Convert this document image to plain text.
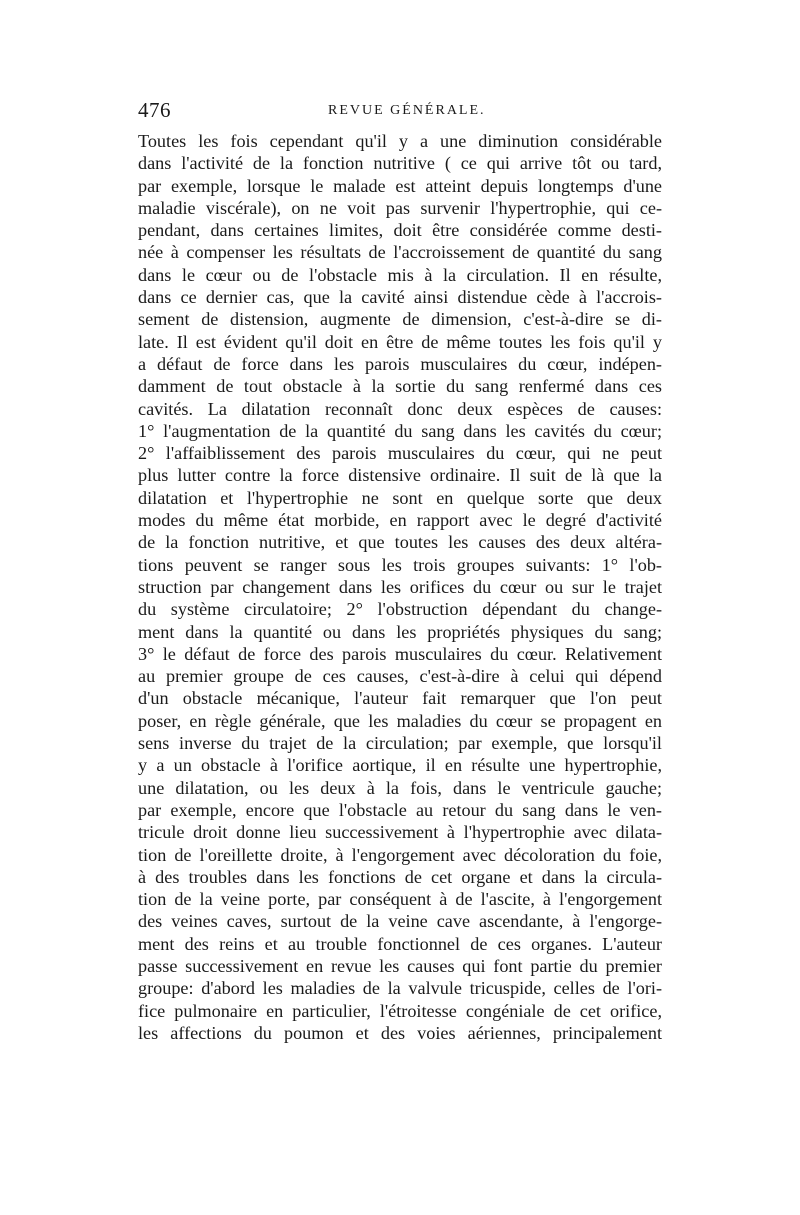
476	REVUE GÉNÉRALE.
Toutes les fois cependant qu'il y a une diminution considérable
dans l'activité de la fonction nutritive ( ce qui arrive tôt ou tard,
par exemple, lorsque le malade est atteint depuis longtemps d'une
maladie viscérale), on ne voit pas survenir l'hypertrophie, qui ce-
pendant, dans certaines limites, doit être considérée comme desti-
née à compenser les résultats de l'accroissement de quantité du sang
dans le cœur ou de l'obstacle mis à la circulation. Il en résulte,
dans ce dernier cas, que la cavité ainsi distendue cède à l'accrois-
sement de distension, augmente de dimension, c'est-à-dire se di-
late. Il est évident qu'il doit en être de même toutes les fois qu'il y
a défaut de force dans les parois musculaires du cœur, indépen-
damment de tout obstacle à la sortie du sang renfermé dans ces
cavités. La dilatation reconnaît donc deux espèces de causes:
1° l'augmentation de la quantité du sang dans les cavités du cœur;
2° l'affaiblissement des parois musculaires du cœur, qui ne peut
plus lutter contre la force distensive ordinaire. Il suit de là que la
dilatation et l'hypertrophie ne sont en quelque sorte que deux
modes du même état morbide, en rapport avec le degré d'activité
de la fonction nutritive, et que toutes les causes des deux altéra-
tions peuvent se ranger sous les trois groupes suivants: 1° l'ob-
struction par changement dans les orifices du cœur ou sur le trajet
du système circulatoire; 2° l'obstruction dépendant du change-
ment dans la quantité ou dans les propriétés physiques du sang;
3° le défaut de force des parois musculaires du cœur. Relativement
au premier groupe de ces causes, c'est-à-dire à celui qui dépend
d'un obstacle mécanique, l'auteur fait remarquer que l'on peut
poser, en règle générale, que les maladies du cœur se propagent en
sens inverse du trajet de la circulation; par exemple, que lorsqu'il
y a un obstacle à l'orifice aortique, il en résulte une hypertrophie,
une dilatation, ou les deux à la fois, dans le ventricule gauche;
par exemple, encore que l'obstacle au retour du sang dans le ven-
tricule droit donne lieu successivement à l'hypertrophie avec dilata-
tion de l'oreillette droite, à l'engorgement avec décoloration du foie,
à des troubles dans les fonctions de cet organe et dans la circula-
tion de la veine porte, par conséquent à de l'ascite, à l'engorgement
des veines caves, surtout de la veine cave ascendante, à l'engorge-
ment des reins et au trouble fonctionnel de ces organes. L'auteur
passe successivement en revue les causes qui font partie du premier
groupe: d'abord les maladies de la valvule tricuspide, celles de l'ori-
fice pulmonaire en particulier, l'étroitesse congéniale de cet orifice,
les affections du poumon et des voies aériennes, principalement
